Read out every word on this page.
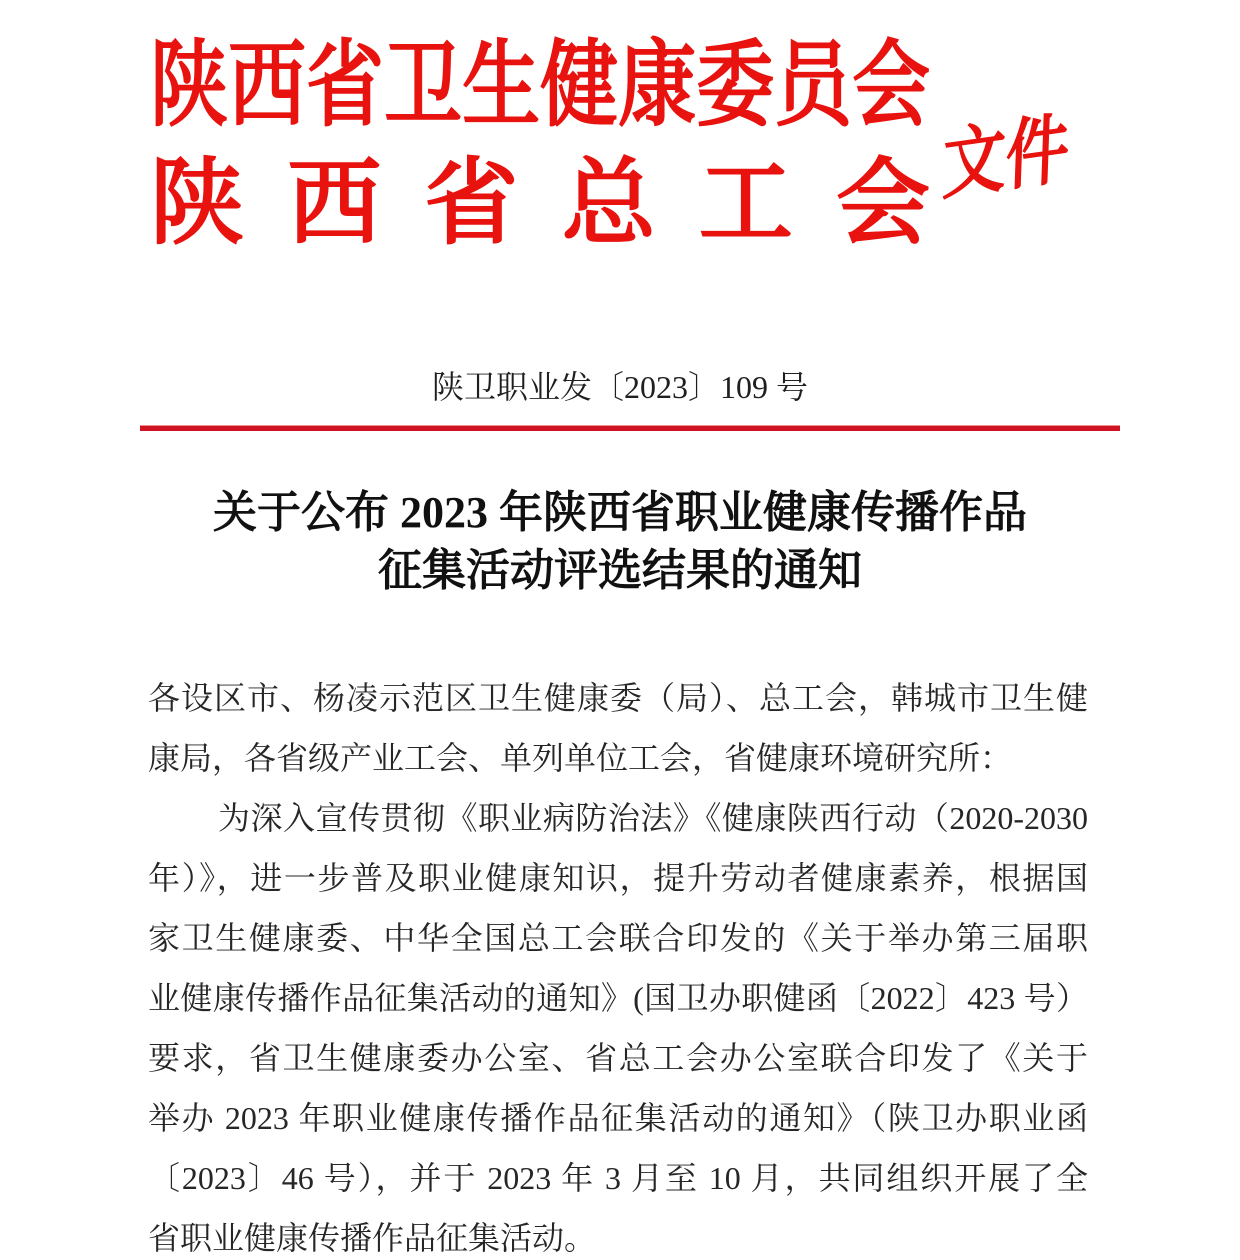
陕西省卫生健康委员会
陕 西 省 总 工 会 文件
陕卫职业发〔2023〕109 号
关于公布 2023 年陕西省职业健康传播作品
征集活动评选结果的通知
各设区市、杨凌示范区卫生健康委（局）、总工会，韩城市卫生健
康局，各省级产业工会、单列单位工会，省健康环境研究所：
为深入宣传贯彻《职业病防治法》《健康陕西行动（2020-2030
年）》，进一步普及职业健康知识，提升劳动者健康素养，根据国
家卫生健康委、中华全国总工会联合印发的《关于举办第三届职
业健康传播作品征集活动的通知》(国卫办职健函〔2022〕423 号）
要求，省卫生健康委办公室、省总工会办公室联合印发了《关于
举办 2023 年职业健康传播作品征集活动的通知》（陕卫办职业函
〔2023〕46 号），并于 2023 年 3 月至 10 月，共同组织开展了全
省职业健康传播作品征集活动。
